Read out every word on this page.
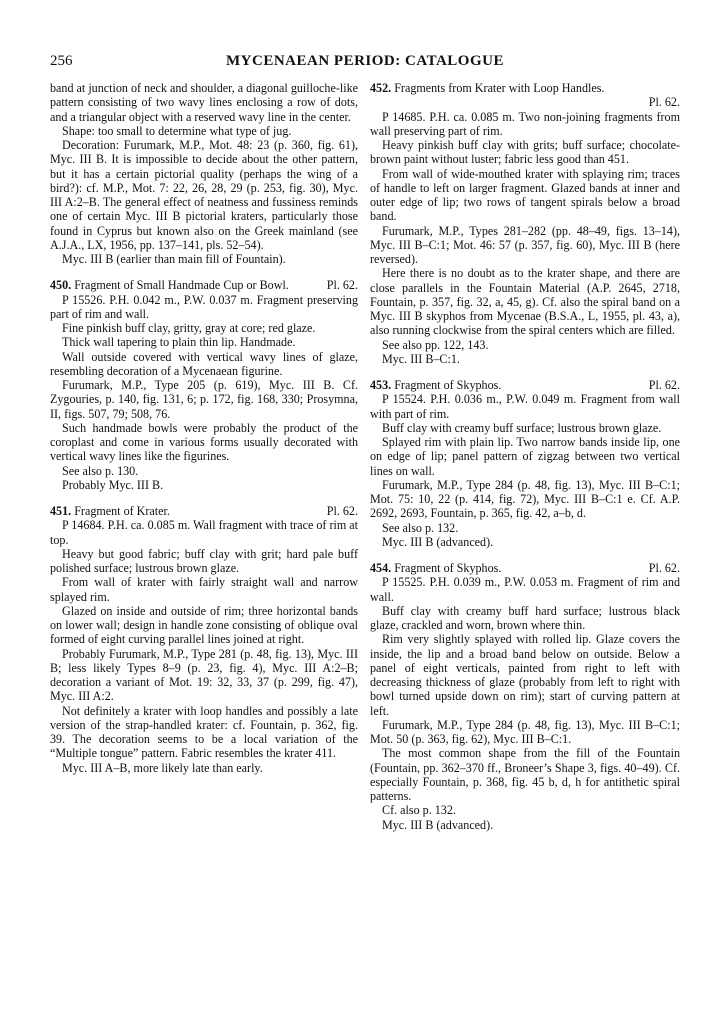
256	MYCENAEAN PERIOD: CATALOGUE

band at junction of neck and shoulder, a diagonal guilloche-like pattern consisting of two wavy lines enclosing a row of dots, and a triangular object with a reserved wavy line in the center.

Shape: too small to determine what type of jug.

Decoration: Furumark, M.P., Mot. 48: 23 (p. 360, fig. 61), Myc. III B. It is impossible to decide about the other pattern, but it has a certain pictorial quality (perhaps the wing of a bird?): cf. M.P., Mot. 7: 22, 26, 28, 29 (p. 253, fig. 30), Myc. III A:2–B. The general effect of neatness and fussiness reminds one of certain Myc. III B pictorial kraters, particularly those found in Cyprus but known also on the Greek mainland (see A.J.A., LX, 1956, pp. 137–141, pls. 52–54).

Myc. III B (earlier than main fill of Fountain).

Pl. 62.
450. Fragment of Small Handmade Cup or Bowl.

P 15526. P.H. 0.042 m., P.W. 0.037 m. Fragment preserving part of rim and wall.

Fine pinkish buff clay, gritty, gray at core; red glaze.

Thick wall tapering to plain thin lip. Handmade.

Wall outside covered with vertical wavy lines of glaze, resembling decoration of a Mycenaean figurine.

Furumark, M.P., Type 205 (p. 619), Myc. III B. Cf. Zygouries, p. 140, fig. 131, 6; p. 172, fig. 168, 330; Prosymna, II, figs. 507, 79; 508, 76.

Such handmade bowls were probably the product of the coroplast and come in various forms usually decorated with vertical wavy lines like the figurines.

See also p. 130.

Probably Myc. III B.

Pl. 62.
451. Fragment of Krater.

P 14684. P.H. ca. 0.085 m. Wall fragment with trace of rim at top.

Heavy but good fabric; buff clay with grit; hard pale buff polished surface; lustrous brown glaze.

From wall of krater with fairly straight wall and narrow splayed rim.

Glazed on inside and outside of rim; three horizontal bands on lower wall; design in handle zone consisting of oblique oval formed of eight curving parallel lines joined at right.

Probably Furumark, M.P., Type 281 (p. 48, fig. 13), Myc. III B; less likely Types 8–9 (p. 23, fig. 4), Myc. III A:2–B; decoration a variant of Mot. 19: 32, 33, 37 (p. 299, fig. 47), Myc. III A:2.

Not definitely a krater with loop handles and possibly a late version of the strap-handled krater: cf. Fountain, p. 362, fig. 39. The decoration seems to be a local variation of the “Multiple tongue” pattern. Fabric resembles the krater 411.

Myc. III A–B, more likely late than early.

452. Fragments from Krater with Loop Handles.

Pl. 62.

P 14685. P.H. ca. 0.085 m. Two non-joining fragments from wall preserving part of rim.

Heavy pinkish buff clay with grits; buff surface; chocolate-brown paint without luster; fabric less good than 451.

From wall of wide-mouthed krater with splaying rim; traces of handle to left on larger fragment. Glazed bands at inner and outer edge of lip; two rows of tangent spirals below a broad band.

Furumark, M.P., Types 281–282 (pp. 48–49, figs. 13–14), Myc. III B–C:1; Mot. 46: 57 (p. 357, fig. 60), Myc. III B (here reversed).

Here there is no doubt as to the krater shape, and there are close parallels in the Fountain Material (A.P. 2645, 2718, Fountain, p. 357, fig. 32, a, 45, g). Cf. also the spiral band on a Myc. III B skyphos from Mycenae (B.S.A., L, 1955, pl. 43, a), also running clockwise from the spiral centers which are filled.

See also pp. 122, 143.

Myc. III B–C:1.

Pl. 62.
453. Fragment of Skyphos.

P 15524. P.H. 0.036 m., P.W. 0.049 m. Fragment from wall with part of rim.

Buff clay with creamy buff surface; lustrous brown glaze.

Splayed rim with plain lip. Two narrow bands inside lip, one on edge of lip; panel pattern of zigzag between two vertical lines on wall.

Furumark, M.P., Type 284 (p. 48, fig. 13), Myc. III B–C:1; Mot. 75: 10, 22 (p. 414, fig. 72), Myc. III B–C:1 e. Cf. A.P. 2692, 2693, Fountain, p. 365, fig. 42, a–b, d.

See also p. 132.

Myc. III B (advanced).

Pl. 62.
454. Fragment of Skyphos.

P 15525. P.H. 0.039 m., P.W. 0.053 m. Fragment of rim and wall.

Buff clay with creamy buff hard surface; lustrous black glaze, crackled and worn, brown where thin.

Rim very slightly splayed with rolled lip. Glaze covers the inside, the lip and a broad band below on outside. Below a panel of eight verticals, painted from right to left with decreasing thickness of glaze (probably from left to right with bowl turned upside down on rim); start of curving pattern at left.

Furumark, M.P., Type 284 (p. 48, fig. 13), Myc. III B–C:1; Mot. 50 (p. 363, fig. 62), Myc. III B–C:1.

The most common shape from the fill of the Fountain (Fountain, pp. 362–370 ff., Broneer’s Shape 3, figs. 40–49). Cf. especially Fountain, p. 368, fig. 45 b, d, h for antithetic spiral patterns.

Cf. also p. 132.

Myc. III B (advanced).
